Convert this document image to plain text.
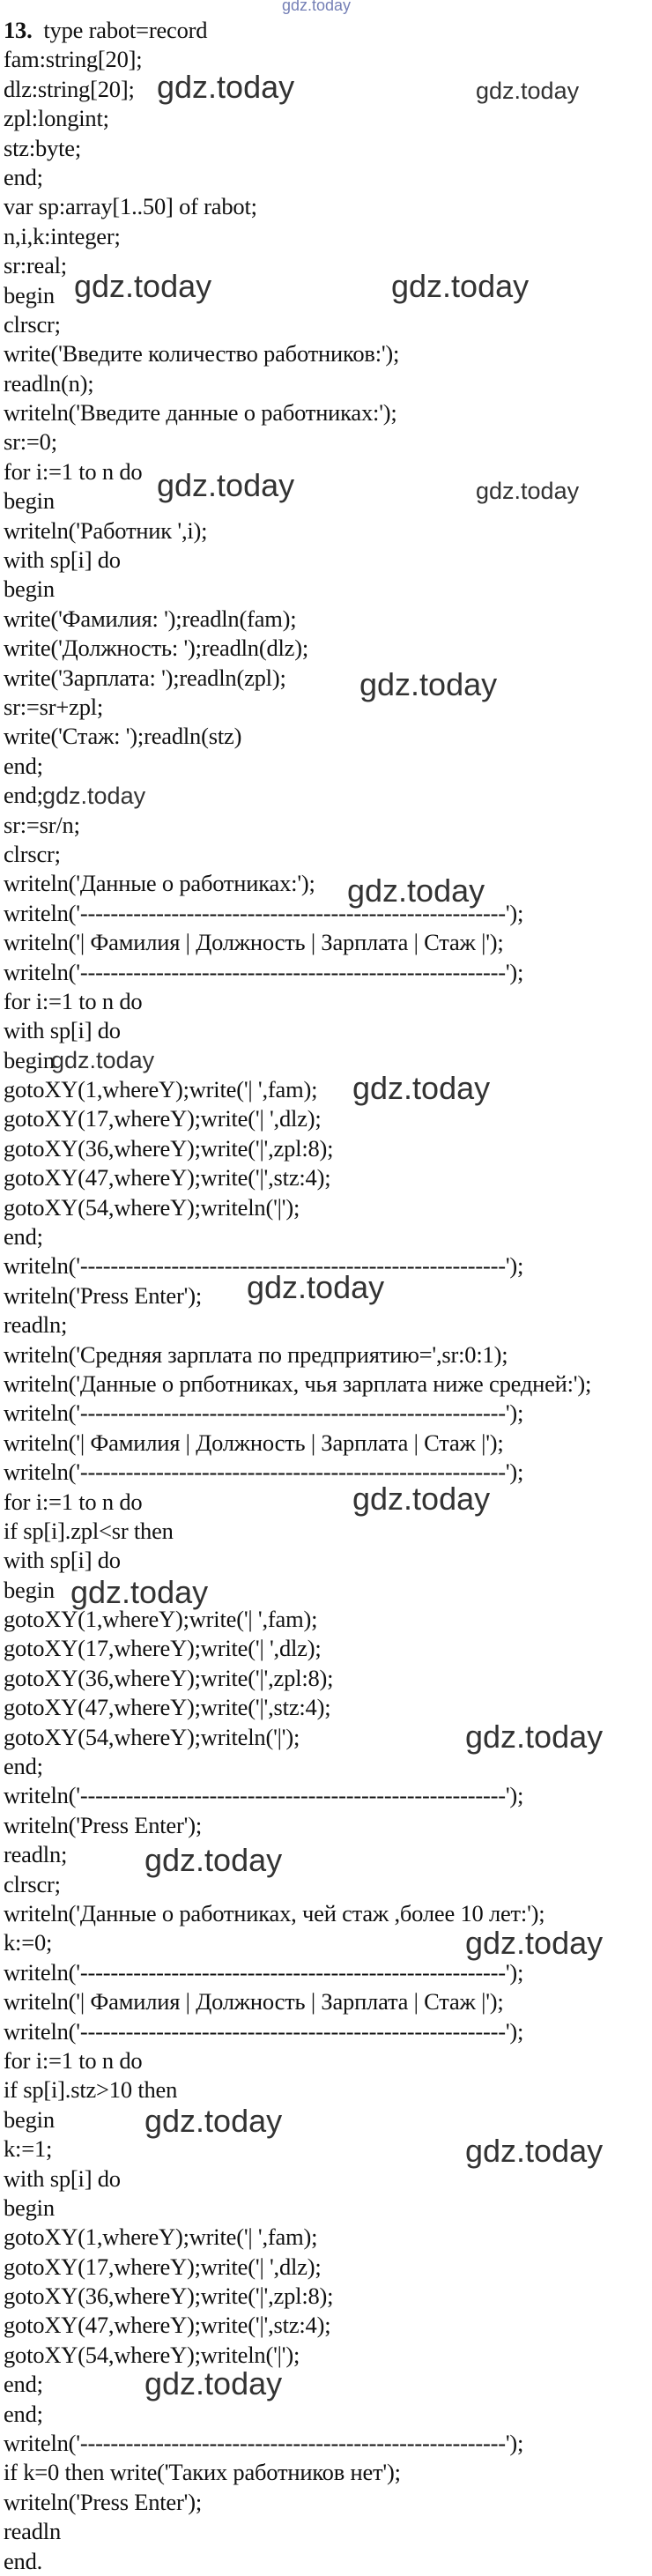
gdz.today
13.  type rabot=record
fam:string[20];
dlz:string[20];
zpl:longint;
stz:byte;
end;
var sp:array[1..50] of rabot;
n,i,k:integer;
sr:real;
begin
clrscr;
write('Введите количество работников:');
readln(n);
writeln('Введите данные о работниках:');
sr:=0;
for i:=1 to n do
begin
writeln('Работник ',i);
with sp[i] do
begin
write('Фамилия: ');readln(fam);
write('Должность: ');readln(dlz);
write('Зарплата: ');readln(zpl);
sr:=sr+zpl;
write('Стаж: ');readln(stz)
end;
end;
sr:=sr/n;
clrscr;
writeln('Данные о работниках:');
writeln('--------------------------------------------------------');
writeln('| Фамилия | Должность | Зарплата | Стаж |');
writeln('--------------------------------------------------------');
for i:=1 to n do
with sp[i] do
begin
gotoXY(1,whereY);write('| ',fam);
gotoXY(17,whereY);write('| ',dlz);
gotoXY(36,whereY);write('|',zpl:8);
gotoXY(47,whereY);write('|',stz:4);
gotoXY(54,whereY);writeln('|');
end;
writeln('--------------------------------------------------------');
writeln('Press Enter');
readln;
writeln('Средняя зарплата по предприятию=',sr:0:1);
writeln('Данные о рпботниках, чья зарплата ниже средней:');
writeln('--------------------------------------------------------');
writeln('| Фамилия | Должность | Зарплата | Стаж |');
writeln('--------------------------------------------------------');
for i:=1 to n do
if sp[i].zpl<sr then
with sp[i] do
begin
gotoXY(1,whereY);write('| ',fam);
gotoXY(17,whereY);write('| ',dlz);
gotoXY(36,whereY);write('|',zpl:8);
gotoXY(47,whereY);write('|',stz:4);
gotoXY(54,whereY);writeln('|');
end;
writeln('--------------------------------------------------------');
writeln('Press Enter');
readln;
clrscr;
writeln('Данные о работниках, чей стаж ,более 10 лет:');
k:=0;
writeln('--------------------------------------------------------');
writeln('| Фамилия | Должность | Зарплата | Стаж |');
writeln('--------------------------------------------------------');
for i:=1 to n do
if sp[i].stz>10 then
begin
k:=1;
with sp[i] do
begin
gotoXY(1,whereY);write('| ',fam);
gotoXY(17,whereY);write('| ',dlz);
gotoXY(36,whereY);write('|',zpl:8);
gotoXY(47,whereY);write('|',stz:4);
gotoXY(54,whereY);writeln('|');
end;
end;
writeln('--------------------------------------------------------');
if k=0 then write('Таких работников нет');
writeln('Press Enter');
readln
end.
gdz.today	gdz.today
gdz.today	gdz.today
gdz.today	gdz.today
gdz.today
gdz.today
gdz.today
gdz.today
gdz.today
gdz.today
gdz.today
gdz.today
gdz.today
gdz.today
gdz.today
gdz.today
gdz.today
gdz.today
